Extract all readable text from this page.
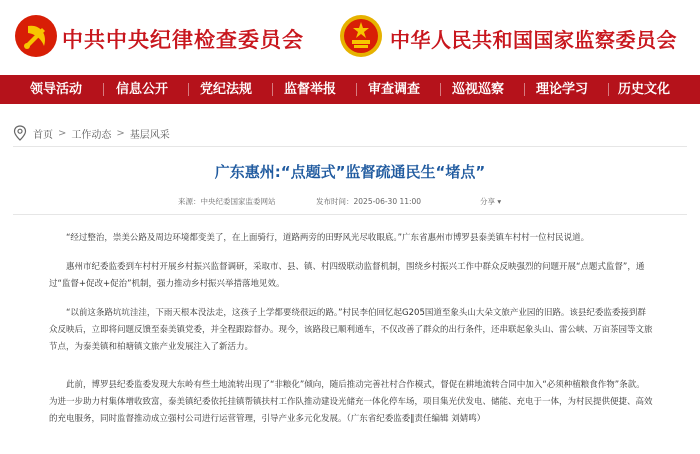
中共中央纪律检查委员会	中华人民共和国国家监察委员会
领导活动	信息公开 党纪法规 监督举报 审查调查 巡视巡察 理论学习 历史文化
首页 > 工作动态 > 基层风采
广东惠州:“点题式”监督疏通民生“堵点”
来源：中央纪委国家监委网站	发布时间：2025-06-30 11:00	分享 ▾

“经过整治，崇美公路及周边环境都变美了，在上面骑行，道路两旁的田野风光尽收眼底。”广东省惠州市博罗县泰美镇车村村一位村民说道。

惠州市纪委监委到车村村开展乡村振兴监督调研，采取市、县、镇、村四级联动监督机制，围绕乡村振兴工作中群众反映强烈的问题开展“点题式监督”，通过“监督+促改+促治”机制，强力推动乡村振兴举措落地见效。

“以前这条路坑坑洼洼，下雨天根本没法走，这孩子上学都要绕很远的路。”村民李伯回忆起G205国道至象头山大朵文旅产业园的旧路。该县纪委监委接到群众反映后，立即将问题反馈至泰美镇党委，并全程跟踪督办。现今，该路段已顺利通车，不仅改善了群众的出行条件，还串联起象头山、雷公峡、万亩茶园等文旅节点，为泰美镇和柏塘镇文旅产业发展注入了新活力。

此前，博罗县纪委监委发现大东岭有些土地流转出现了“非粮化”倾向，随后推动完善社村合作模式，督促在耕地流转合同中加入“必须种植粮食作物”条款。为进一步助力村集体增收致富，泰美镇纪委依托挂镇帮镇扶村工作队推动建设光储充一体化停车场，项目集光伏发电、储能、充电于一体，为村民提供便捷、高效的充电服务，同时监督推动成立强村公司进行运营管理，引导产业多元化发展。（广东省纪委监委‖责任编辑 刘婧鸣）
